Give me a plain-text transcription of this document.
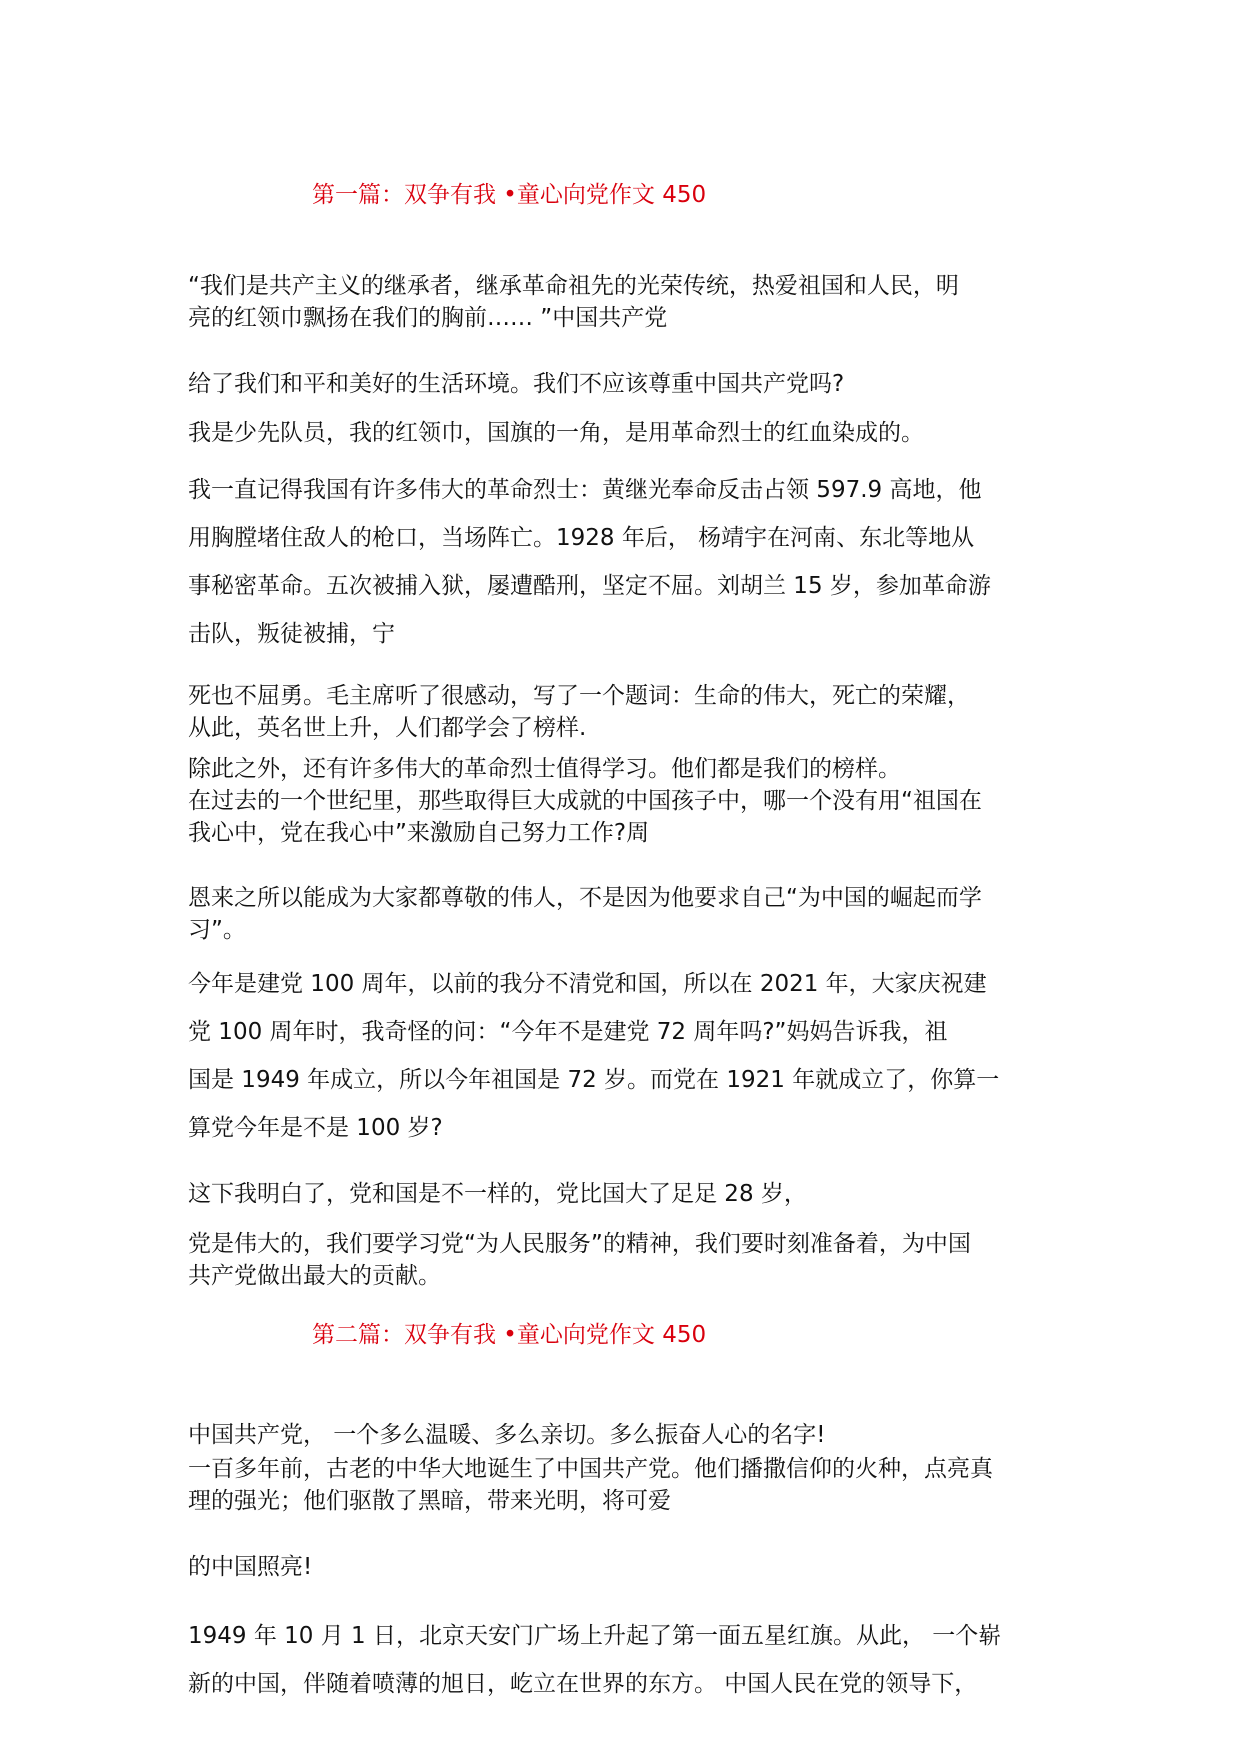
第一篇：双争有我 •童心向党作文 450
“我们是共产主义的继承者，继承革命祖先的光荣传统，热爱祖国和人民，明
亮的红领巾飘扬在我们的胸前…… ”中国共产党
给了我们和平和美好的生活环境。我们不应该尊重中国共产党吗?
我是少先队员，我的红领巾，国旗的一角，是用革命烈士的红血染成的。
我一直记得我国有许多伟大的革命烈士：黄继光奉命反击占领 597.9 高地，他
用胸膛堵住敌人的枪口，当场阵亡。1928 年后， 杨靖宇在河南、东北等地从
事秘密革命。五次被捕入狱，屡遭酷刑，坚定不屈。刘胡兰 15 岁，参加革命游
击队，叛徒被捕，宁
死也不屈勇。毛主席听了很感动，写了一个题词：生命的伟大，死亡的荣耀，
从此，英名世上升，人们都学会了榜样.
除此之外，还有许多伟大的革命烈士值得学习。他们都是我们的榜样。
在过去的一个世纪里，那些取得巨大成就的中国孩子中，哪一个没有用“祖国在
我心中，党在我心中”来激励自己努力工作?周
恩来之所以能成为大家都尊敬的伟人，不是因为他要求自己“为中国的崛起而学
习”。
今年是建党 100 周年，以前的我分不清党和国，所以在 2021 年，大家庆祝建
党 100 周年时，我奇怪的问：“今年不是建党 72 周年吗?”妈妈告诉我，祖
国是 1949 年成立，所以今年祖国是 72 岁。而党在 1921 年就成立了，你算一
算党今年是不是 100 岁?
这下我明白了，党和国是不一样的，党比国大了足足 28 岁，
党是伟大的，我们要学习党“为人民服务”的精神，我们要时刻准备着，为中国
共产党做出最大的贡献。
第二篇：双争有我 •童心向党作文 450
中国共产党， 一个多么温暖、多么亲切。多么振奋人心的名字!
一百多年前，古老的中华大地诞生了中国共产党。他们播撒信仰的火种，点亮真
理的强光；他们驱散了黑暗，带来光明，将可爱
的中国照亮!
1949 年 10 月 1 日，北京天安门广场上升起了第一面五星红旗。从此， 一个崭
新的中国，伴随着喷薄的旭日，屹立在世界的东方。 中国人民在党的领导下，
